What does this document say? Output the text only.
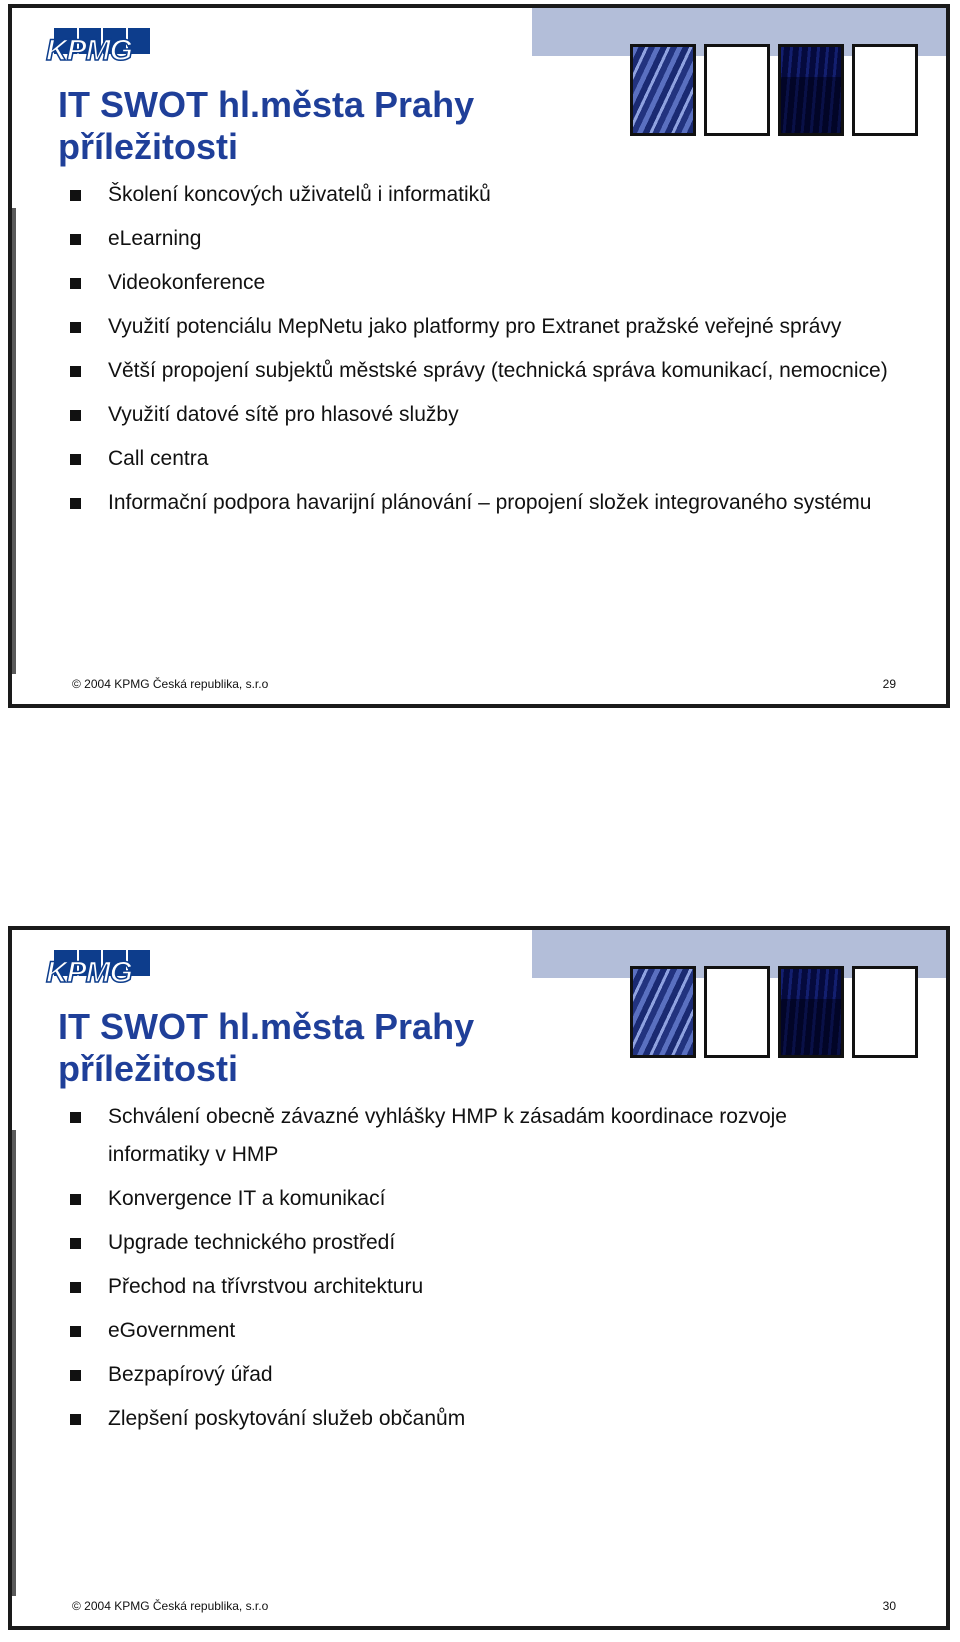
KPMG
IT SWOT hl.města Prahy
příležitosti
Školení koncových uživatelů i informatiků
eLearning
Videokonference
Využití potenciálu MepNetu jako platformy pro Extranet pražské veřejné správy
Větší propojení subjektů městské správy (technická správa komunikací, nemocnice)
Využití datové sítě pro hlasové služby
Call centra
Informační podpora havarijní plánování – propojení složek integrovaného systému
© 2004 KPMG Česká republika, s.r.o	29
KPMG
IT SWOT hl.města Prahy
příležitosti
Schválení obecně závazné vyhlášky HMP k zásadám koordinace rozvoje informatiky v HMP
Konvergence IT a komunikací
Upgrade technického prostředí
Přechod na třívrstvou architekturu
eGovernment
Bezpapírový úřad
Zlepšení poskytování služeb občanům
© 2004 KPMG Česká republika, s.r.o	30
